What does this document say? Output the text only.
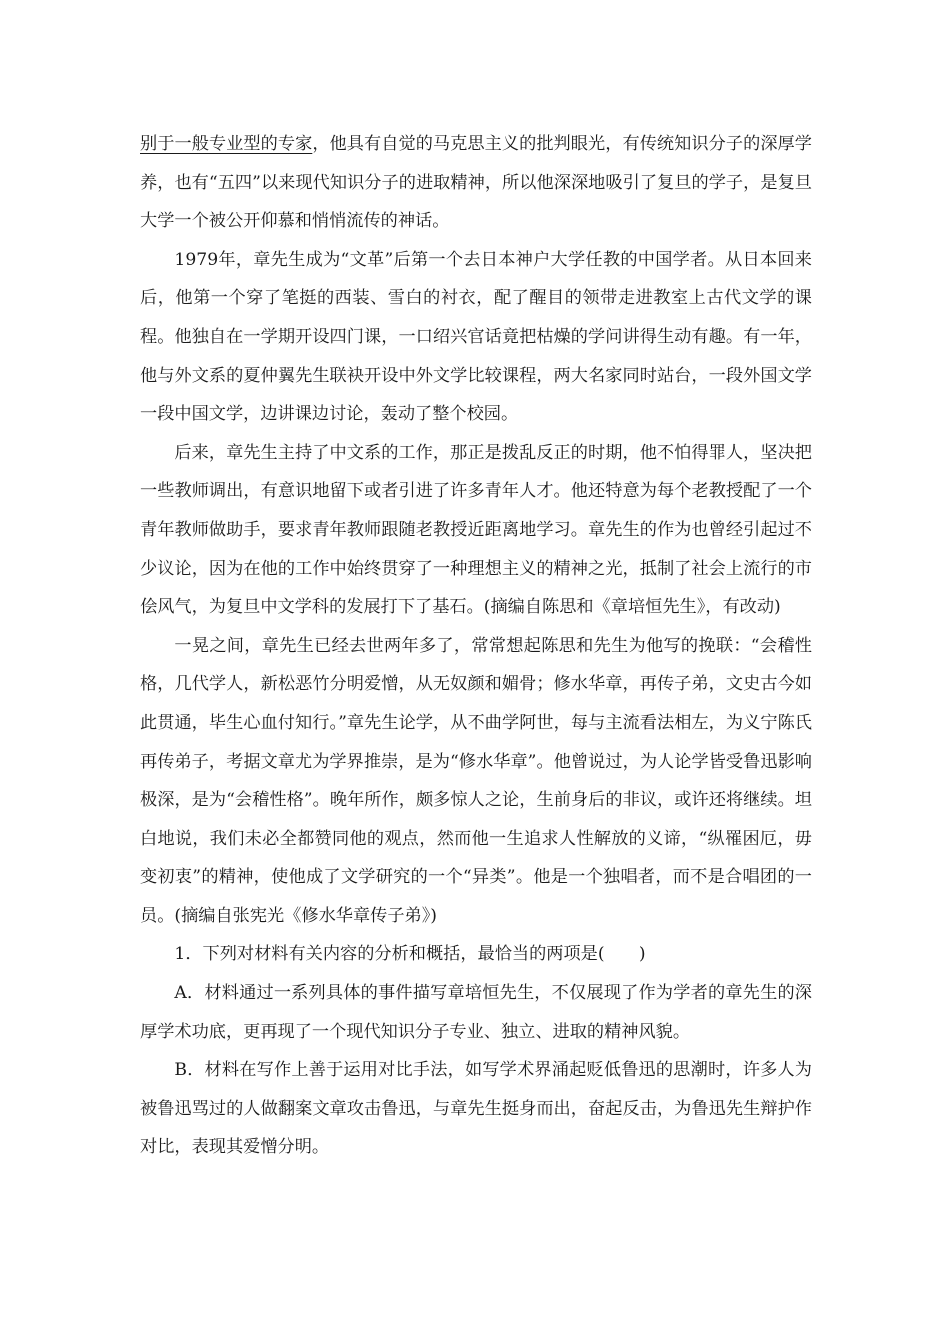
别于一般专业型的专家，他具有自觉的马克思主义的批判眼光，有传统知识分子的深厚学养，也有“五四”以来现代知识分子的进取精神，所以他深深地吸引了复旦的学子，是复旦大学一个被公开仰慕和悄悄流传的神话。

1979年，章先生成为“文革”后第一个去日本神户大学任教的中国学者。从日本回来后，他第一个穿了笔挺的西装、雪白的衬衣，配了醒目的领带走进教室上古代文学的课程。他独自在一学期开设四门课，一口绍兴官话竟把枯燥的学问讲得生动有趣。有一年，他与外文系的夏仲翼先生联袂开设中外文学比较课程，两大名家同时站台，一段外国文学一段中国文学，边讲课边讨论，轰动了整个校园。

后来，章先生主持了中文系的工作，那正是拨乱反正的时期，他不怕得罪人，坚决把一些教师调出，有意识地留下或者引进了许多青年人才。他还特意为每个老教授配了一个青年教师做助手，要求青年教师跟随老教授近距离地学习。章先生的作为也曾经引起过不少议论，因为在他的工作中始终贯穿了一种理想主义的精神之光，抵制了社会上流行的市侩风气，为复旦中文学科的发展打下了基石。(摘编自陈思和《章培恒先生》，有改动)

一晃之间，章先生已经去世两年多了，常常想起陈思和先生为他写的挽联：“会稽性格，几代学人，新松恶竹分明爱憎，从无奴颜和媚骨；修水华章，再传子弟，文史古今如此贯通，毕生心血付知行。”章先生论学，从不曲学阿世，每与主流看法相左，为义宁陈氏再传弟子，考据文章尤为学界推崇，是为“修水华章”。他曾说过，为人论学皆受鲁迅影响极深，是为“会稽性格”。晚年所作，颇多惊人之论，生前身后的非议，或许还将继续。坦白地说，我们未必全都赞同他的观点，然而他一生追求人性解放的义谛，“纵罹困厄，毋变初衷”的精神，使他成了文学研究的一个“异类”。他是一个独唱者，而不是合唱团的一员。(摘编自张宪光《修水华章传子弟》)

1．下列对材料有关内容的分析和概括，最恰当的两项是(　　)

A．材料通过一系列具体的事件描写章培恒先生，不仅展现了作为学者的章先生的深厚学术功底，更再现了一个现代知识分子专业、独立、进取的精神风貌。

B．材料在写作上善于运用对比手法，如写学术界涌起贬低鲁迅的思潮时，许多人为被鲁迅骂过的人做翻案文章攻击鲁迅，与章先生挺身而出，奋起反击，为鲁迅先生辩护作对比，表现其爱憎分明。
